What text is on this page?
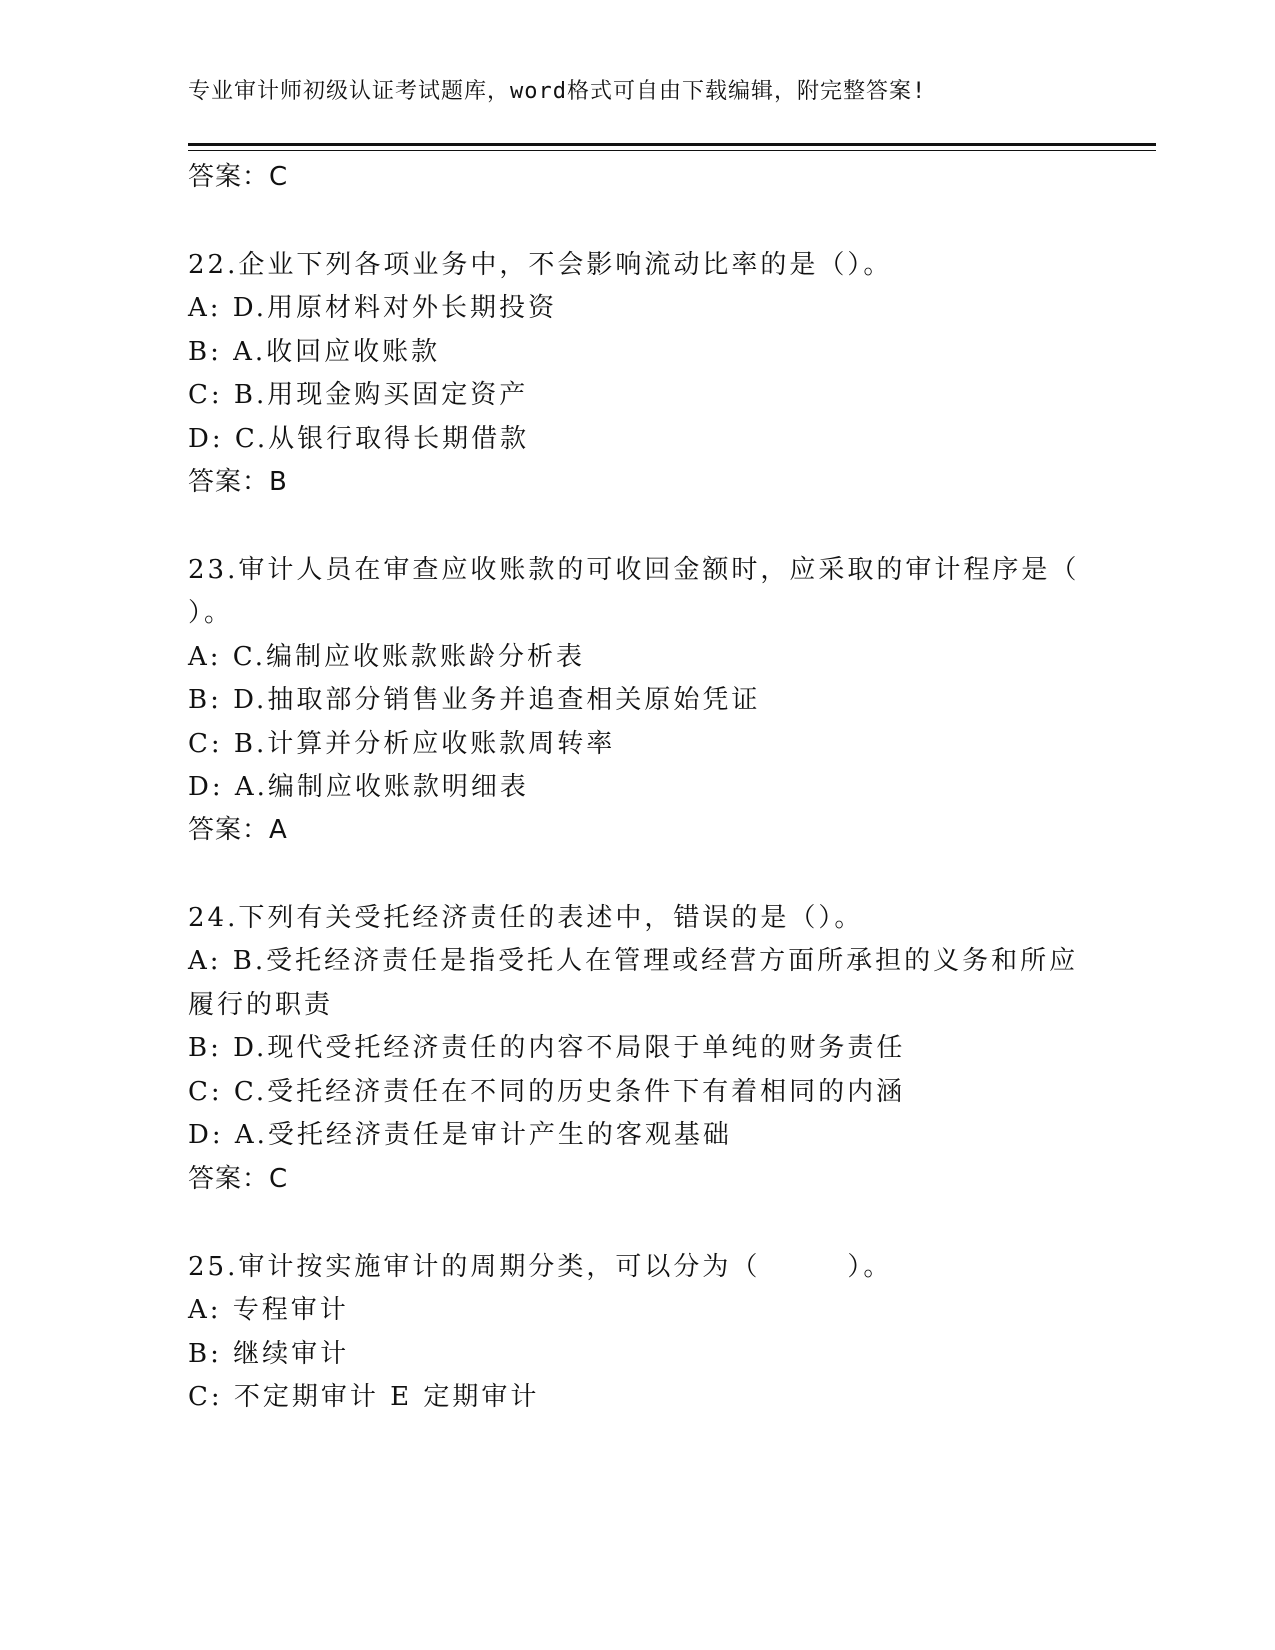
专业审计师初级认证考试题库，word格式可自由下载编辑，附完整答案!
答案：C
22.企业下列各项业务中，不会影响流动比率的是（）。
A: D.用原材料对外长期投资
B: A.收回应收账款
C: B.用现金购买固定资产
D: C.从银行取得长期借款
答案：B
23.审计人员在审查应收账款的可收回金额时，应采取的审计程序是（
）。
A: C.编制应收账款账龄分析表
B: D.抽取部分销售业务并追查相关原始凭证
C: B.计算并分析应收账款周转率
D: A.编制应收账款明细表
答案：A
24.下列有关受托经济责任的表述中，错误的是（）。
A: B.受托经济责任是指受托人在管理或经营方面所承担的义务和所应
履行的职责
B: D.现代受托经济责任的内容不局限于单纯的财务责任
C: C.受托经济责任在不同的历史条件下有着相同的内涵
D: A.受托经济责任是审计产生的客观基础
答案：C
25.审计按实施审计的周期分类，可以分为（　　　）。
A: 专程审计
B: 继续审计
C: 不定期审计 E 定期审计
